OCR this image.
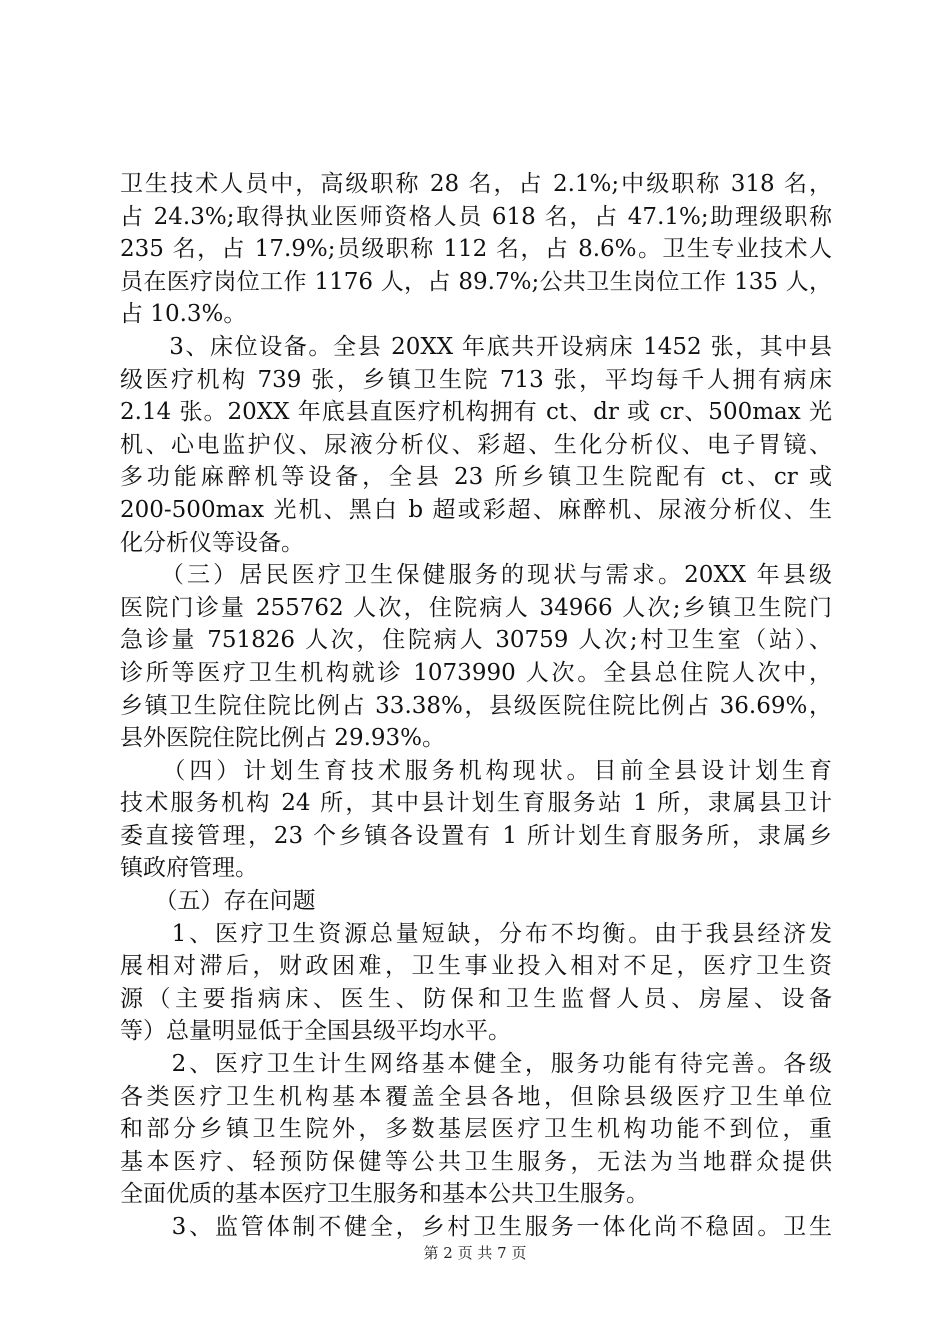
卫生技术人员中，高级职称 28 名，占 2.1%;中级职称 318 名，
占 24.3%;取得执业医师资格人员 618 名，占 47.1%;助理级职称
235 名，占 17.9%;员级职称 112 名，占 8.6%。卫生专业技术人
员在医疗岗位工作 1176 人，占 89.7%;公共卫生岗位工作 135 人，
占 10.3%。
　　3、床位设备。全县 20XX 年底共开设病床 1452 张，其中县
级医疗机构 739 张，乡镇卫生院 713 张，平均每千人拥有病床
2.14 张。20XX 年底县直医疗机构拥有 ct、dr 或 cr、500max 光
机、心电监护仪、尿液分析仪、彩超、生化分析仪、电子胃镜、
多功能麻醉机等设备，全县 23 所乡镇卫生院配有 ct、cr 或
200-500max 光机、黑白 b 超或彩超、麻醉机、尿液分析仪、生
化分析仪等设备。
　　（三）居民医疗卫生保健服务的现状与需求。20XX 年县级
医院门诊量 255762 人次，住院病人 34966 人次;乡镇卫生院门
急诊量 751826 人次，住院病人 30759 人次;村卫生室（站）、
诊所等医疗卫生机构就诊 1073990 人次。全县总住院人次中，
乡镇卫生院住院比例占 33.38%，县级医院住院比例占 36.69%，
县外医院住院比例占 29.93%。
　　（四）计划生育技术服务机构现状。目前全县设计划生育
技术服务机构 24 所，其中县计划生育服务站 1 所，隶属县卫计
委直接管理，23 个乡镇各设置有 1 所计划生育服务所，隶属乡
镇政府管理。
　　（五）存在问题
　　1、医疗卫生资源总量短缺，分布不均衡。由于我县经济发
展相对滞后，财政困难，卫生事业投入相对不足，医疗卫生资
源（主要指病床、医生、防保和卫生监督人员、房屋、设备
等）总量明显低于全国县级平均水平。
　　2、医疗卫生计生网络基本健全，服务功能有待完善。各级
各类医疗卫生机构基本覆盖全县各地，但除县级医疗卫生单位
和部分乡镇卫生院外，多数基层医疗卫生机构功能不到位，重
基本医疗、轻预防保健等公共卫生服务，无法为当地群众提供
全面优质的基本医疗卫生服务和基本公共卫生服务。
　　3、监管体制不健全，乡村卫生服务一体化尚不稳固。卫生
第 2 页 共 7 页
